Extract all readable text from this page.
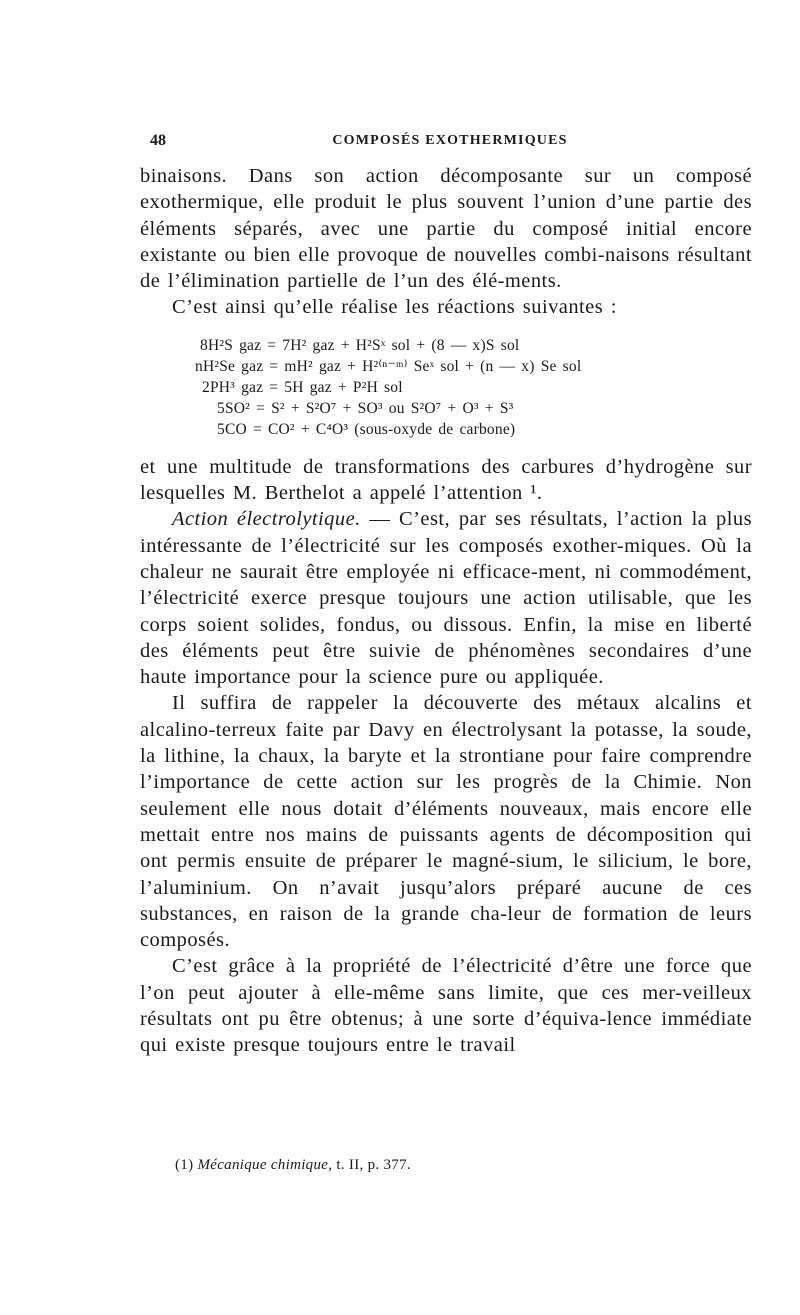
48	COMPOSÉS EXOTHERMIQUES

binaisons. Dans son action décomposante sur un composé exothermique, elle produit le plus souvent l’union d’une partie des éléments séparés, avec une partie du composé initial encore existante ou bien elle provoque de nouvelles combi-naisons résultant de l’élimination partielle de l’un des élé-ments.

C’est ainsi qu’elle réalise les réactions suivantes :

8H²S gaz = 7H² gaz + H²Sˣ sol + (8 — x)S sol
nH²Se gaz = mH² gaz + H²⁽ⁿ⁻ᵐ⁾ Seˣ sol + (n — x) Se sol
2PH³ gaz = 5H gaz + P²H sol
5SO² = S² + S²O⁷ + SO³ ou S²O⁷ + O³ + S³
5CO = CO² + C⁴O³ (sous-oxyde de carbone)

et une multitude de transformations des carbures d’hydrogène sur lesquelles M. Berthelot a appelé l’attention ¹.

Action électrolytique. — C’est, par ses résultats, l’action la plus intéressante de l’électricité sur les composés exother-miques. Où la chaleur ne saurait être employée ni efficace-ment, ni commodément, l’électricité exerce presque toujours une action utilisable, que les corps soient solides, fondus, ou dissous. Enfin, la mise en liberté des éléments peut être suivie de phénomènes secondaires d’une haute importance pour la science pure ou appliquée.

Il suffira de rappeler la découverte des métaux alcalins et alcalino-terreux faite par Davy en électrolysant la potasse, la soude, la lithine, la chaux, la baryte et la strontiane pour faire comprendre l’importance de cette action sur les progrès de la Chimie. Non seulement elle nous dotait d’éléments nouveaux, mais encore elle mettait entre nos mains de puissants agents de décomposition qui ont permis ensuite de préparer le magné-sium, le silicium, le bore, l’aluminium. On n’avait jusqu’alors préparé aucune de ces substances, en raison de la grande cha-leur de formation de leurs composés.

C’est grâce à la propriété de l’électricité d’être une force que l’on peut ajouter à elle-même sans limite, que ces mer-veilleux résultats ont pu être obtenus; à une sorte d’équiva-lence immédiate qui existe presque toujours entre le travail

(1) Mécanique chimique, t. II, p. 377.
